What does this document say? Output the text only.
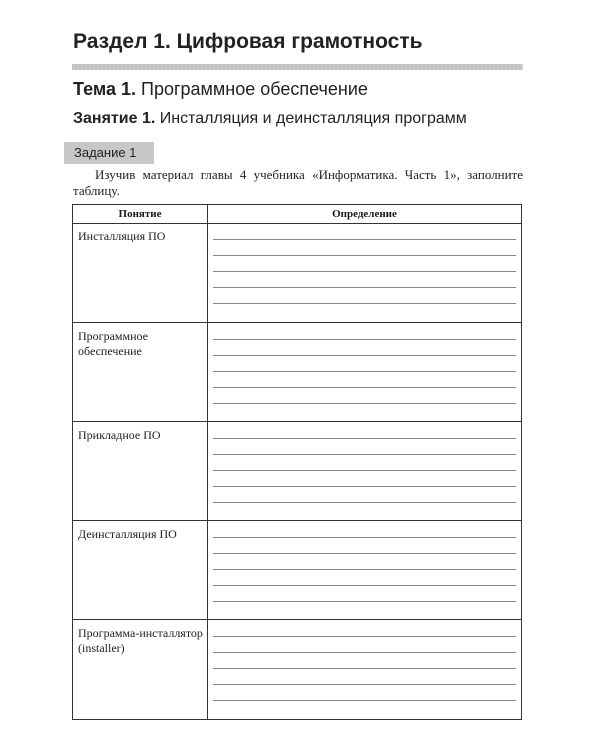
Раздел 1. Цифровая грамотность
Тема 1. Программное обеспечение
Занятие 1. Инсталляция и деинсталляция программ
Задание 1
Изучив материал главы 4 учебника «Информатика. Часть 1», заполните таблицу.
Понятие	Определение
Инсталляция ПО
Программное обеспечение
Прикладное ПО
Деинсталляция ПО
Программа-инсталлятор (installer)
